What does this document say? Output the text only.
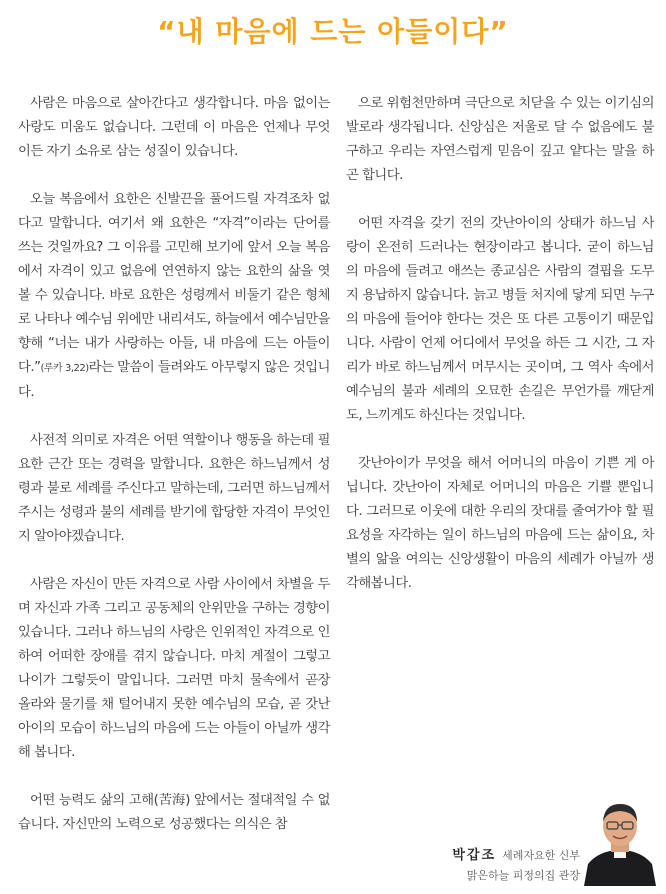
“내 마음에 드는 아들이다”

사람은 마음으로 살아간다고 생각합니다. 마음 없이는 사랑도 미움도 없습니다. 그런데 이 마음은 언제나 무엇이든 자기 소유로 삼는 성질이 있습니다.

오늘 복음에서 요한은 신발끈을 풀어드릴 자격조차 없다고 말합니다. 여기서 왜 요한은 “자격”이라는 단어를 쓰는 것일까요? 그 이유를 고민해 보기에 앞서 오늘 복음에서 자격이 있고 없음에 연연하지 않는 요한의 삶을 엿볼 수 있습니다. 바로 요한은 성령께서 비둘기 같은 형체로 나타나 예수님 위에만 내리셔도, 하늘에서 예수님만을 향해 “너는 내가 사랑하는 아들, 내 마음에 드는 아들이다.”(루카 3,22)라는 말씀이 들려와도 아무렇지 않은 것입니다.

사전적 의미로 자격은 어떤 역할이나 행동을 하는데 필요한 근간 또는 경력을 말합니다. 요한은 하느님께서 성령과 불로 세례를 주신다고 말하는데, 그러면 하느님께서 주시는 성령과 불의 세례를 받기에 합당한 자격이 무엇인지 알아야겠습니다.

사람은 자신이 만든 자격으로 사람 사이에서 차별을 두며 자신과 가족 그리고 공동체의 안위만을 구하는 경향이 있습니다. 그러나 하느님의 사랑은 인위적인 자격으로 인하여 어떠한 장애를 겪지 않습니다. 마치 계절이 그렇고 나이가 그렇듯이 말입니다. 그러면 마치 물속에서 곧장 올라와 물기를 채 털어내지 못한 예수님의 모습, 곧 갓난아이의 모습이 하느님의 마음에 드는 아들이 아닐까 생각해 봅니다.

어떤 능력도 삶의 고해(苦海) 앞에서는 절대적일 수 없습니다. 자신만의 노력으로 성공했다는 의식은 참

으로 위험천만하며 극단으로 치닫을 수 있는 이기심의 발로라 생각됩니다. 신앙심은 저울로 달 수 없음에도 불구하고 우리는 자연스럽게 믿음이 깊고 얕다는 말을 하곤 합니다.

어떤 자격을 갖기 전의 갓난아이의 상태가 하느님 사랑이 온전히 드러나는 현장이라고 봅니다. 굳이 하느님의 마음에 들려고 애쓰는 종교심은 사람의 결핍을 도무지 용납하지 않습니다. 늙고 병들 처지에 닿게 되면 누구의 마음에 들어야 한다는 것은 또 다른 고통이기 때문입니다. 사람이 언제 어디에서 무엇을 하든 그 시간, 그 자리가 바로 하느님께서 머무시는 곳이며, 그 역사 속에서 예수님의 불과 세례의 오묘한 손길은 무언가를 깨닫게도, 느끼게도 하신다는 것입니다.

갓난아이가 무엇을 해서 어머니의 마음이 기쁜 게 아닙니다. 갓난아이 자체로 어머니의 마음은 기쁠 뿐입니다. 그러므로 이웃에 대한 우리의 잣대를 줄여가야 할 필요성을 자각하는 일이 하느님의 마음에 드는 삶이요, 차별의 앎을 여의는 신앙생활이 마음의 세례가 아닐까 생각해봅니다.

박갑조 세례자요한 신부
맑은하늘 피정의집 관장
